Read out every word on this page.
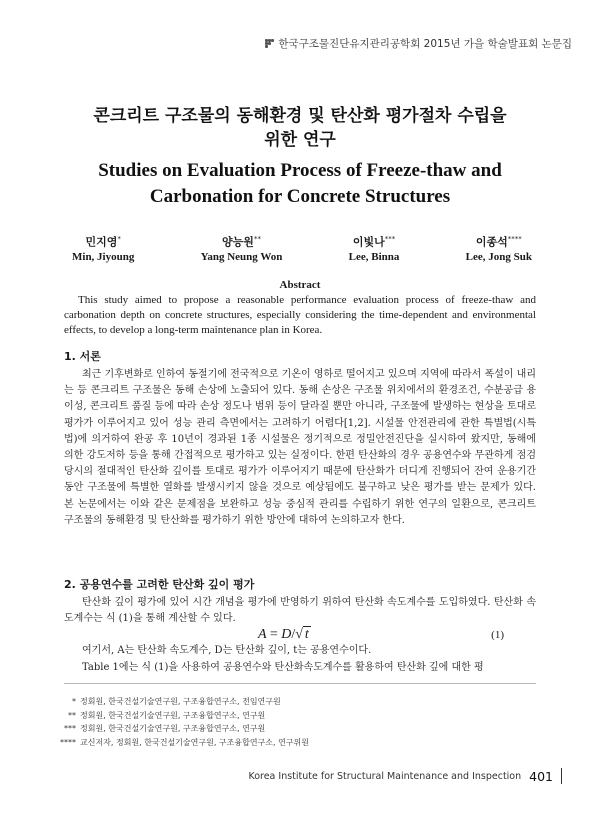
한국구조물진단유지관리공학회 2015년 가을 학술발표회 논문집
콘크리트 구조물의 동해환경 및 탄산화 평가절차 수립을
위한 연구
Studies on Evaluation Process of Freeze-thaw and
Carbonation for Concrete Structures
민지영*
Min, Jiyoung
양능원**
Yang Neung Won
이빛나***
Lee, Binna
이종석****
Lee, Jong Suk
Abstract

This study aimed to propose a reasonable performance evaluation process of freeze-thaw and carbonation depth on concrete structures, especially considering the time-dependent and environmental effects, to develop a long-term maintenance plan in Korea.

1. 서론

최근 기후변화로 인하여 동절기에 전국적으로 기온이 영하로 떨어지고 있으며 지역에 따라서 폭설이 내리는 등 콘크리트 구조물은 동해 손상에 노출되어 있다. 동해 손상은 구조물 위치에서의 환경조건, 수분공급 용이성, 콘크리트 품질 등에 따라 손상 정도나 범위 등이 달라질 뿐만 아니라, 구조물에 발생하는 현상을 토대로 평가가 이루어지고 있어 성능 관리 측면에서는 고려하기 어렵다[1,2]. 시설물 안전관리에 관한 특별법(시특법)에 의거하여 완공 후 10년이 경과된 1종 시설물은 정기적으로 정밀안전진단을 실시하여 왔지만, 동해에 의한 강도저하 등을 통해 간접적으로 평가하고 있는 실정이다. 한편 탄산화의 경우 공용연수와 무관하게 점검 당시의 절대적인 탄산화 깊이를 토대로 평가가 이루어지기 때문에 탄산화가 더디게 진행되어 잔여 운용기간동안 구조물에 특별한 열화를 발생시키지 않을 것으로 예상됨에도 불구하고 낮은 평가를 받는 문제가 있다. 본 논문에서는 이와 같은 문제점을 보완하고 성능 중심적 관리를 수립하기 위한 연구의 일환으로, 콘크리트 구조물의 동해환경 및 탄산화를 평가하기 위한 방안에 대하여 논의하고자 한다.

2. 공용연수를 고려한 탄산화 깊이 평가

탄산화 깊이 평가에 있어 시간 개념을 평가에 반영하기 위하여 탄산화 속도계수를 도입하였다. 탄산화 속도계수는 식 (1)을 통해 계산할 수 있다.

A = D/√ t	(1)

여기서, A는 탄산화 속도계수, D는 탄산화 깊이, t는 공용연수이다.

Table 1에는 식 (1)을 사용하여 공용연수와 탄산화속도계수를 활용하여 탄산화 깊에 대한 평

* 정회원, 한국건설기술연구원, 구조융합연구소, 전임연구원
** 정회원, 한국건설기술연구원, 구조융합연구소, 연구원
*** 정회원, 한국건설기술연구원, 구조융합연구소, 연구원
**** 교신저자, 정회원, 한국건설기술연구원, 구조융합연구소, 연구위원
Korea Institute for Structural Maintenance and Inspection 401
